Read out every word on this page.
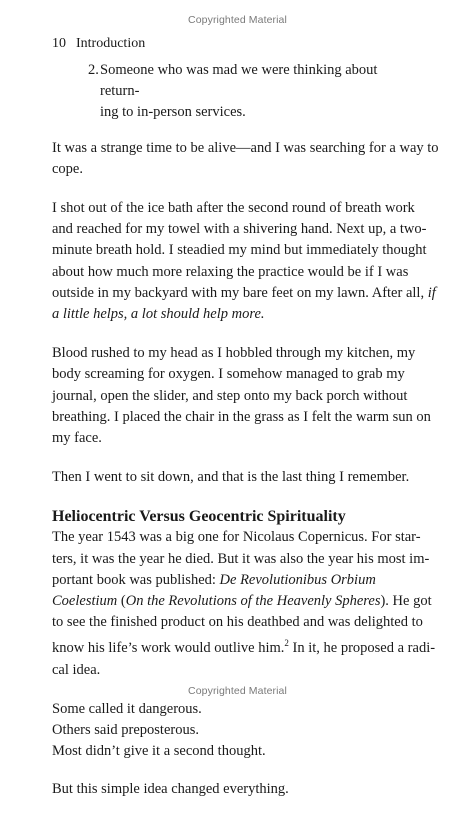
Copyrighted Material
10 Introduction
2. Someone who was mad we were thinking about return-
ing to in-person services.

It was a strange time to be alive—and I was searching for a way to
cope.

I shot out of the ice bath after the second round of breath work
and reached for my towel with a shivering hand. Next up, a two-
minute breath hold. I steadied my mind but immediately thought
about how much more relaxing the practice would be if I was
outside in my backyard with my bare feet on my lawn. After all, if
a little helps, a lot should help more.

Blood rushed to my head as I hobbled through my kitchen, my
body screaming for oxygen. I somehow managed to grab my
journal, open the slider, and step onto my back porch without
breathing. I placed the chair in the grass as I felt the warm sun on
my face.

Then I went to sit down, and that is the last thing I remember.

Heliocentric Versus Geocentric Spirituality

The year 1543 was a big one for Nicolaus Copernicus. For star-
ters, it was the year he died. But it was also the year his most im-
portant book was published: De Revolutionibus Orbium
Coelestium (On the Revolutions of the Heavenly Spheres). He got
to see the finished product on his deathbed and was delighted to
know his life’s work would outlive him.$^2$ In it, he proposed a radi-
cal idea.

Some called it dangerous.
Others said preposterous.
Most didn’t give it a second thought.

But this simple idea changed everything.

Copyrighted Material
